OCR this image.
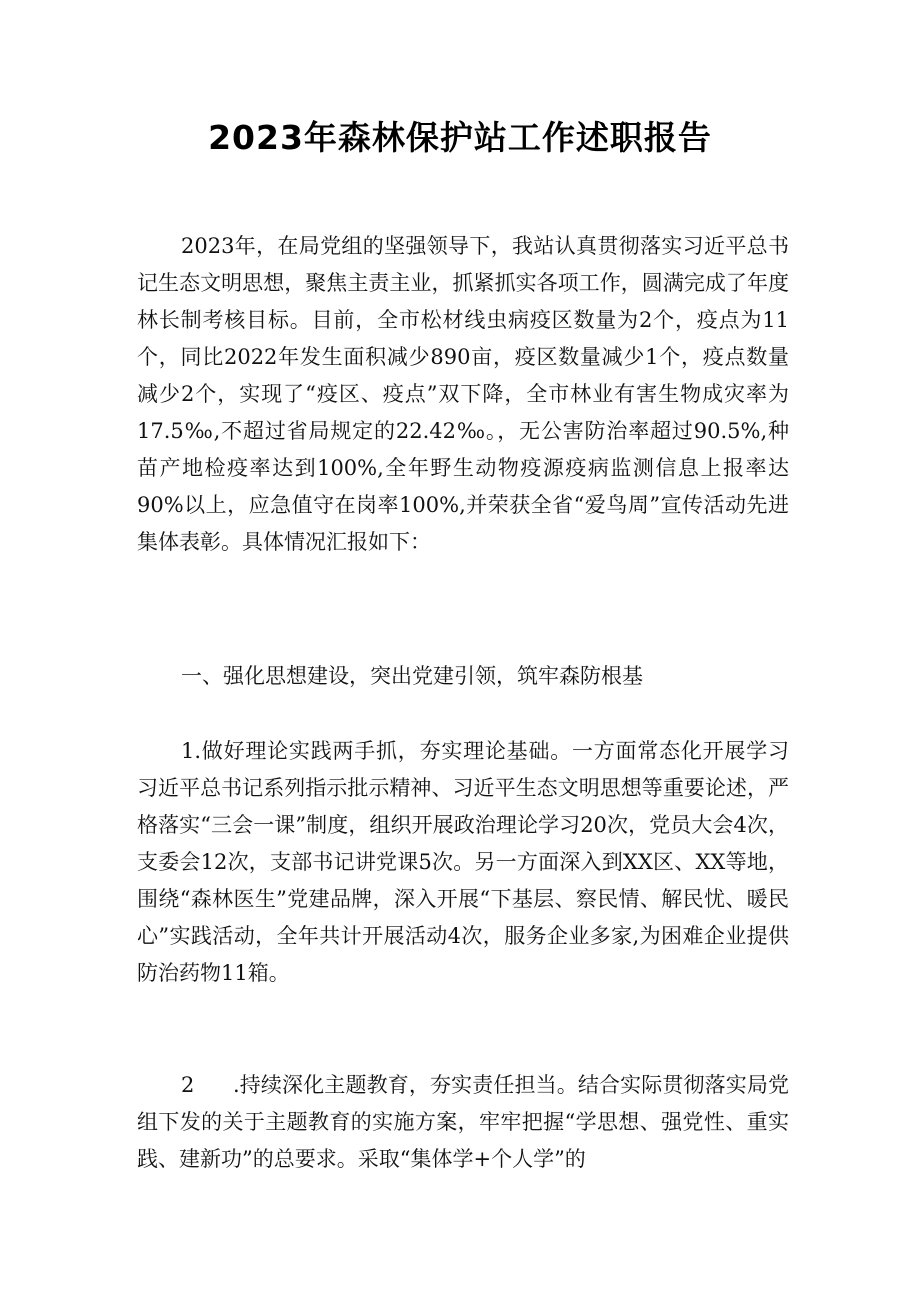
2023年森林保护站工作述职报告
2023年，在局党组的坚强领导下，我站认真贯彻落实习近平总书记生态文明思想，聚焦主责主业，抓紧抓实各项工作，圆满完成了年度林长制考核目标。目前，全市松材线虫病疫区数量为2个，疫点为11个，同比2022年发生面积减少890亩，疫区数量减少1个，疫点数量减少2个，实现了“疫区、疫点”双下降，全市林业有害生物成灾率为17.5‰,不超过省局规定的22.42‰。，无公害防治率超过90.5%,种苗产地检疫率达到100%,全年野生动物疫源疫病监测信息上报率达90%以上，应急值守在岗率100%,并荣获全省“爱鸟周”宣传活动先进集体表彰。具体情况汇报如下：
一、强化思想建设，突出党建引领，筑牢森防根基
1.做好理论实践两手抓，夯实理论基础。一方面常态化开展学习习近平总书记系列指示批示精神、习近平生态文明思想等重要论述，严格落实“三会一课”制度，组织开展政治理论学习20次，党员大会4次，支委会12次，支部书记讲党课5次。另一方面深入到XX区、XX等地，围绕“森林医生”党建品牌，深入开展“下基层、察民情、解民忧、暖民心”实践活动，全年共计开展活动4次，服务企业多家,为困难企业提供防治药物11箱。
2 .持续深化主题教育，夯实责任担当。结合实际贯彻落实局党组下发的关于主题教育的实施方案，牢牢把握“学思想、强党性、重实践、建新功”的总要求。采取“集体学+个人学”的
